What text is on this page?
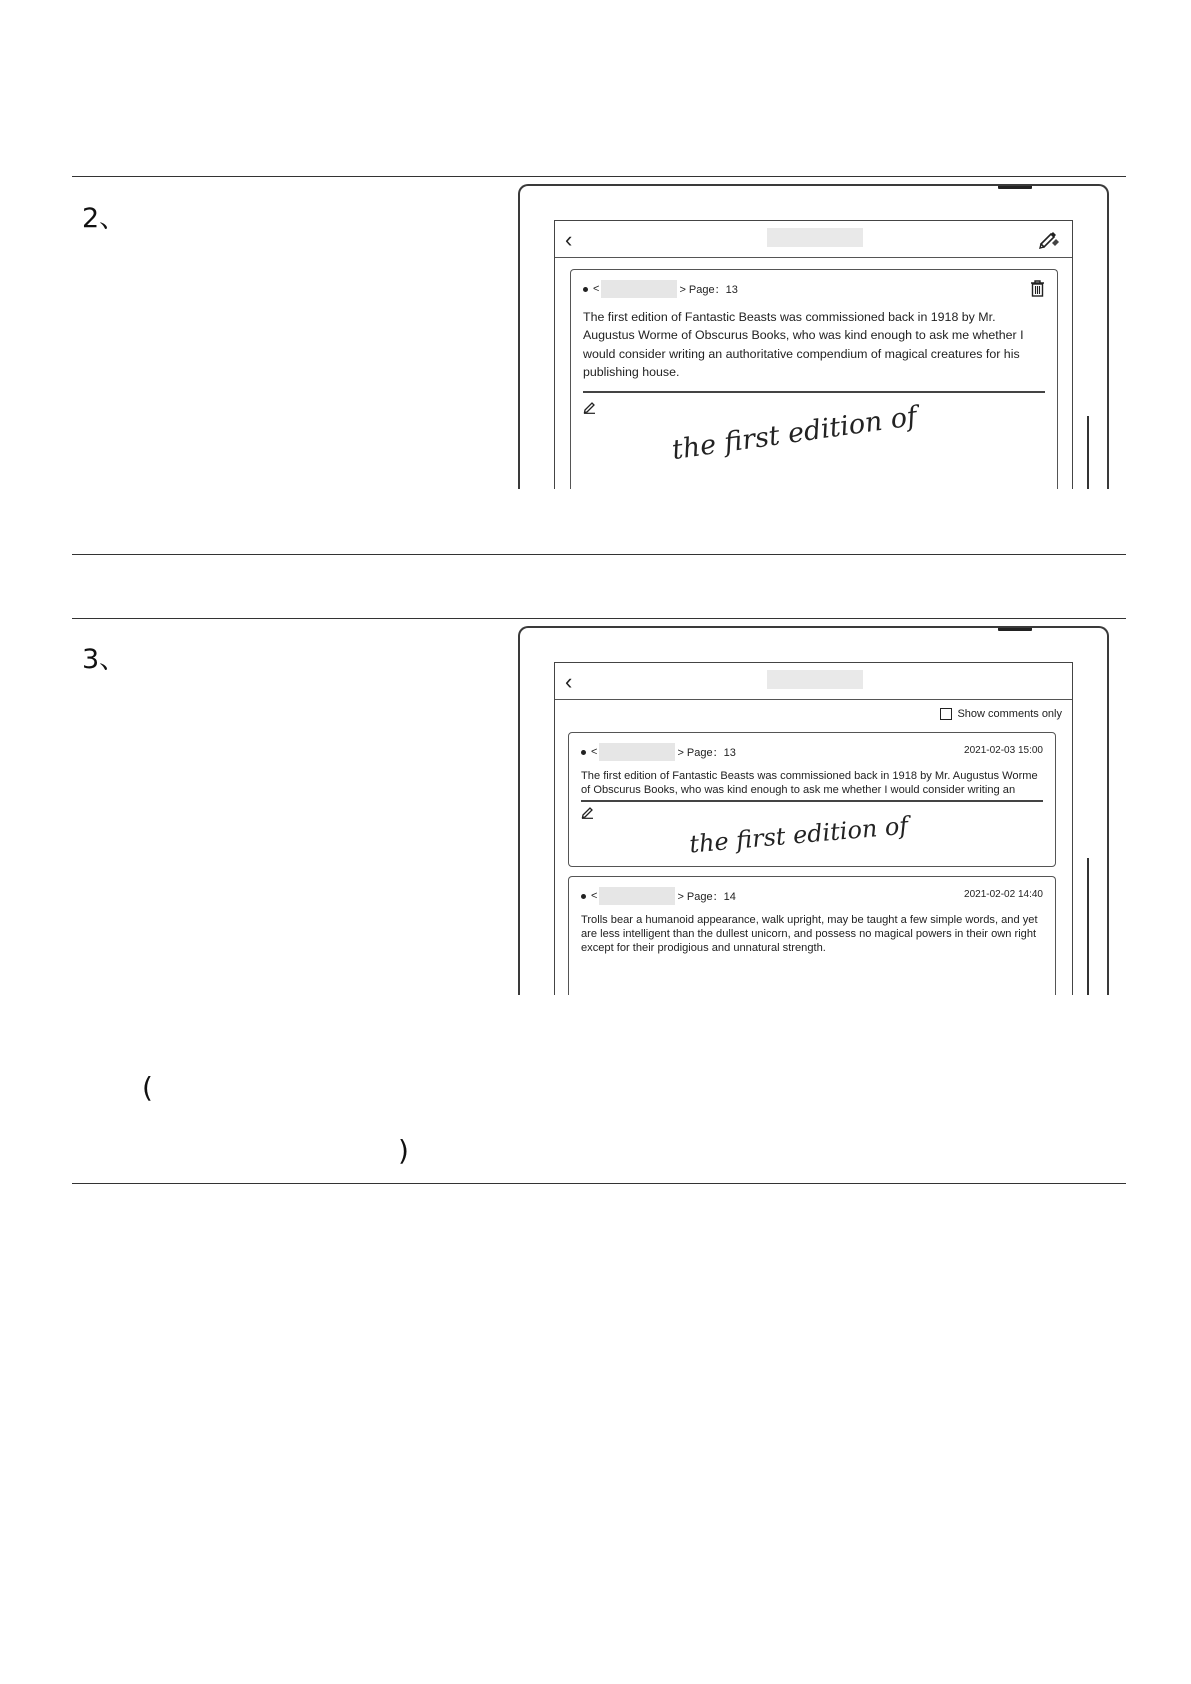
2、
3、
(
)
‹
<	> Page：13
The first edition of Fantastic Beasts was commissioned back in 1918 by Mr. Augustus Worme of Obscurus Books, who was kind enough to ask me whether I would consider writing an authoritative compendium of magical creatures for his publishing house.
the first edition of
‹
Show comments only
<	> Page：13	2021-02-03 15:00
The first edition of Fantastic Beasts was commissioned back in 1918 by Mr. Augustus Worme of Obscurus Books, who was kind enough to ask me whether I would consider writing an
the first edition of
<	> Page：14	2021-02-02 14:40
Trolls bear a humanoid appearance, walk upright, may be taught a few simple words, and yet are less intelligent than the dullest unicorn, and possess no magical powers in their own right except for their prodigious and unnatural strength.
